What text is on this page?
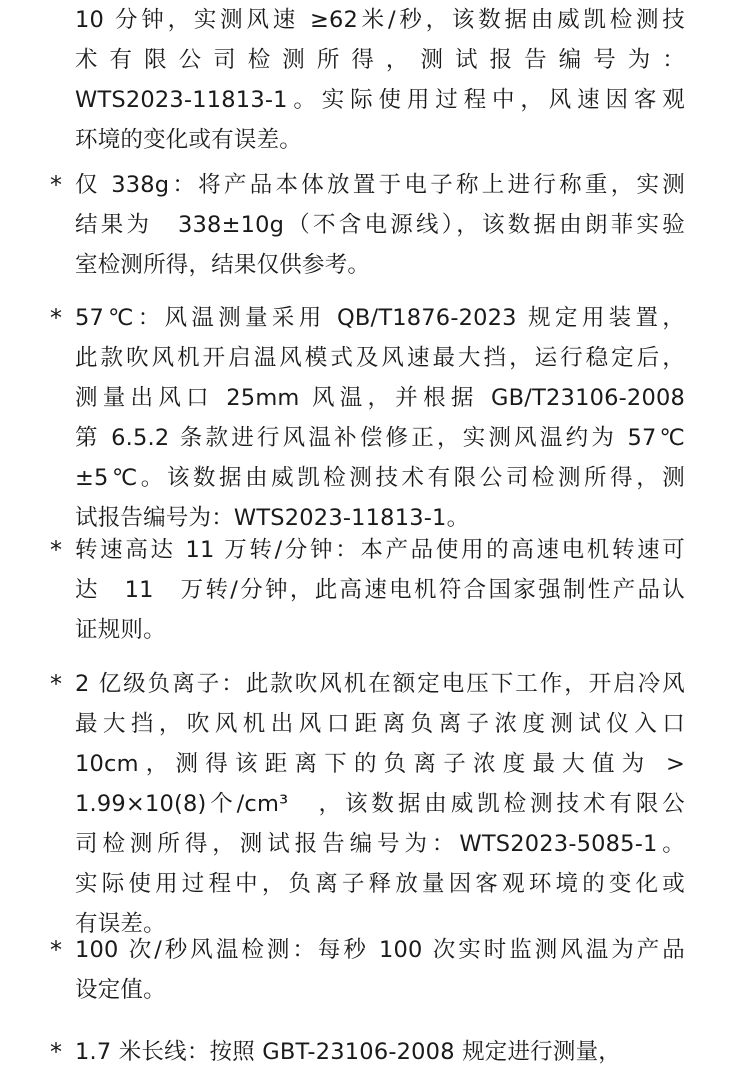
10 分钟，实测风速 ≥62米/秒，该数据由威凯检测技
术有限公司检测所得，测试报告编号为：
WTS2023-11813-1。实际使用过程中，风速因客观
环境的变化或有误差。
* 仅 338g：将产品本体放置于电子称上进行称重，实测
结果为　338±10g（不含电源线），该数据由朗菲实验
室检测所得，结果仅供参考。
* 57℃：风温测量采用 QB/T1876-2023 规定用装置，
此款吹风机开启温风模式及风速最大挡，运行稳定后，
测量出风口 25mm 风温，并根据 GB/T23106-2008
第 6.5.2 条款进行风温补偿修正，实测风温约为 57℃
±5℃。该数据由威凯检测技术有限公司检测所得，测
试报告编号为：WTS2023-11813-1。
* 转速高达 11 万转/分钟：本产品使用的高速电机转速可
达　11　万转/分钟，此高速电机符合国家强制性产品认
证规则。
* 2 亿级负离子：此款吹风机在额定电压下工作，开启冷风
最大挡，吹风机出风口距离负离子浓度测试仪入口
10cm，测得该距离下的负离子浓度最大值为 >
1.99×10(8)个/cm³　，该数据由威凯检测技术有限公
司检测所得，测试报告编号为：WTS2023-5085-1。
实际使用过程中，负离子释放量因客观环境的变化或
有误差。
* 100 次/秒风温检测：每秒 100 次实时监测风温为产品
设定值。
* 1.7 米长线：按照 GBT-23106-2008 规定进行测量，
